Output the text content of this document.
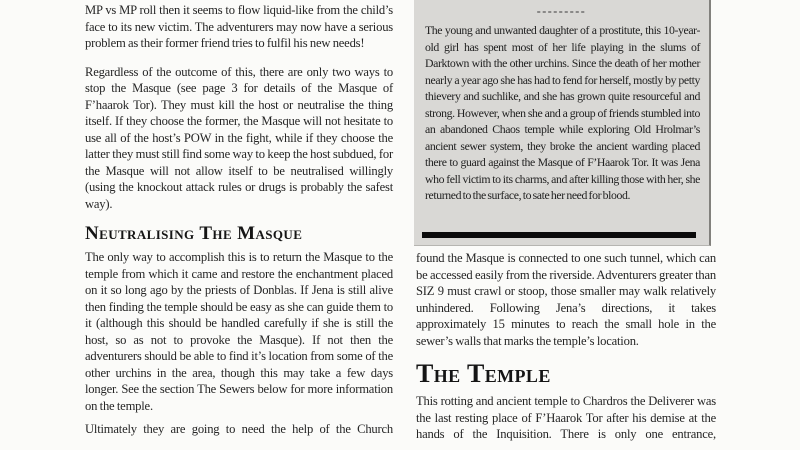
MP vs MP roll then it seems to flow liquid-like from the child’s face to its new victim. The adventurers may now have a serious problem as their former friend tries to fulfil his new needs!

Regardless of the outcome of this, there are only two ways to stop the Masque (see page 3 for details of the Masque of F’haarok Tor). They must kill the host or neutralise the thing itself. If they choose the former, the Masque will not hesitate to use all of the host’s POW in the fight, while if they choose the latter they must still find some way to keep the host subdued, for the Masque will not allow itself to be neutralised willingly (using the knockout attack rules or drugs is probably the safest way).

Neutralising The Masque

The only way to accomplish this is to return the Masque to the temple from which it came and restore the enchantment placed on it so long ago by the priests of Donblas. If Jena is still alive then finding the temple should be easy as she can guide them to it (although this should be handled carefully if she is still the host, so as not to provoke the Masque). If not then the adventurers should be able to find it’s location from some of the other urchins in the area, though this may take a few days longer. See the section The Sewers below for more information on the temple.

Ultimately they are going to need the help of the Church

---------

The young and unwanted daughter of a prostitute, this 10-year-old girl has spent most of her life playing in the slums of Darktown with the other urchins. Since the death of her mother nearly a year ago she has had to fend for herself, mostly by petty thievery and suchlike, and she has grown quite resourceful and strong. However, when she and a group of friends stumbled into an abandoned Chaos temple while exploring Old Hrolmar’s ancient sewer system, they broke the ancient warding placed there to guard against the Masque of F’Haarok Tor. It was Jena who fell victim to its charms, and after killing those with her, she returned to the surface, to sate her need for blood.

found the Masque is connected to one such tunnel, which can be accessed easily from the riverside. Adventurers greater than SIZ 9 must crawl or stoop, those smaller may walk relatively unhindered. Following Jena’s directions, it takes approximately 15 minutes to reach the small hole in the sewer’s walls that marks the temple’s location.

The Temple

This rotting and ancient temple to Chardros the Deliverer was the last resting place of F’Haarok Tor after his demise at the hands of the Inquisition. There is only one entrance,
